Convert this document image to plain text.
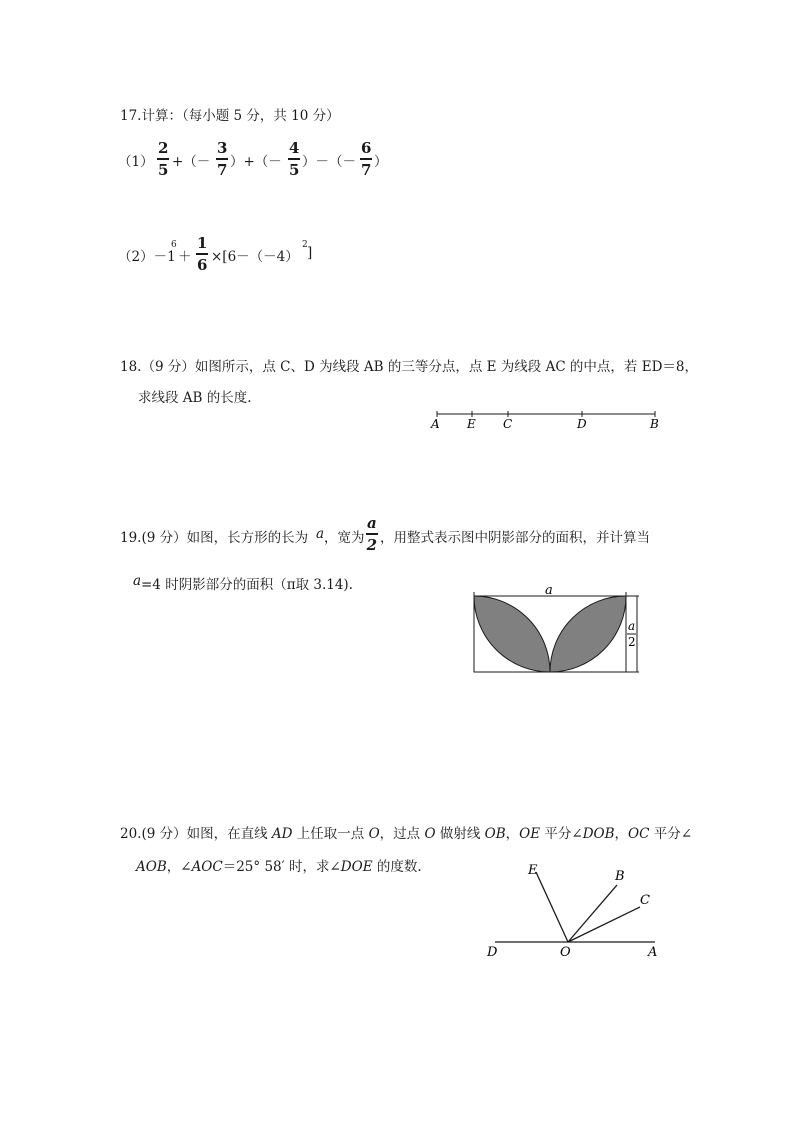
17.计算：（每小题 5 分，共 10 分）
（1）
2
5 +（－
3
7 ）+（－
4
5 ）－（－
6
7 ）
（2）－1
6
＋
1
6 ×[6－（－4）
2 ]
18.（9 分）如图所示，点 C、D 为线段 AB 的三等分点，点 E 为线段 AC 的中点，若 ED＝8，
求线段 AB 的长度.
A E C	D	B
19.(9 分）如图，长方形的长为 a ，宽为
a
2 ，用整式表示图中阴影部分的面积，并计算当
a =4 时阴影部分的面积（π取 3.14).	a
a
2
20.(9 分）如图，在直线 AD 上任取一点 O，过点 O 做射线 OB，OE 平分∠DOB，OC 平分∠
AOB，∠AOC＝25° 58′ 时，求∠DOE 的度数.	E	B
C
D	O	A
